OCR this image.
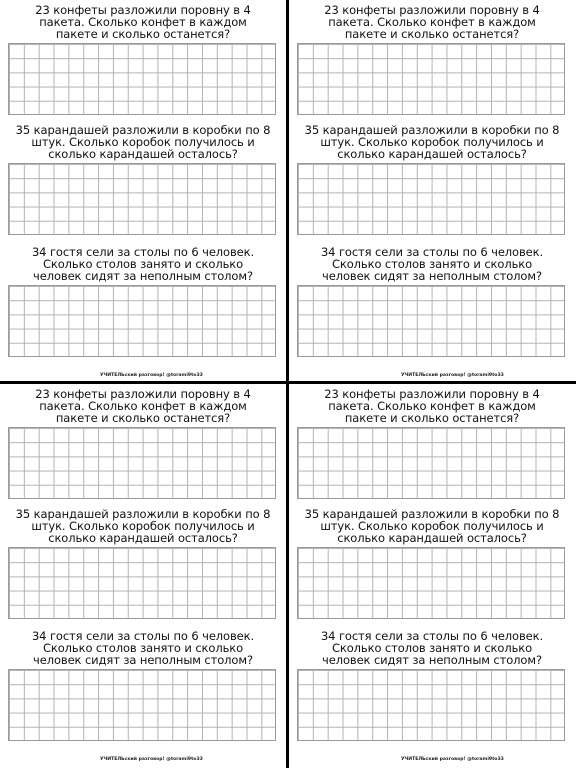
23 конфеты разложили поровну в 4
пакета. Сколько конфет в каждом
пакете и сколько останется?
35 карандашей разложили в коробки по 8
штук. Сколько коробок получилось и
сколько карандашей осталось?
34 гостя сели за столы по 6 человек.
Сколько столов занято и сколько
человек сидят за неполным столом?
УЧИТЕЛЬский разговор! @torami9to33
23 конфеты разложили поровну в 4
пакета. Сколько конфет в каждом
пакете и сколько останется?
35 карандашей разложили в коробки по 8
штук. Сколько коробок получилось и
сколько карандашей осталось?
34 гостя сели за столы по 6 человек.
Сколько столов занято и сколько
человек сидят за неполным столом?
УЧИТЕЛЬский разговор! @torami9to33
23 конфеты разложили поровну в 4
пакета. Сколько конфет в каждом
пакете и сколько останется?
35 карандашей разложили в коробки по 8
штук. Сколько коробок получилось и
сколько карандашей осталось?
34 гостя сели за столы по 6 человек.
Сколько столов занято и сколько
человек сидят за неполным столом?
УЧИТЕЛЬский разговор! @torami9to33
23 конфеты разложили поровну в 4
пакета. Сколько конфет в каждом
пакете и сколько останется?
35 карандашей разложили в коробки по 8
штук. Сколько коробок получилось и
сколько карандашей осталось?
34 гостя сели за столы по 6 человек.
Сколько столов занято и сколько
человек сидят за неполным столом?
УЧИТЕЛЬский разговор! @torami9to33
